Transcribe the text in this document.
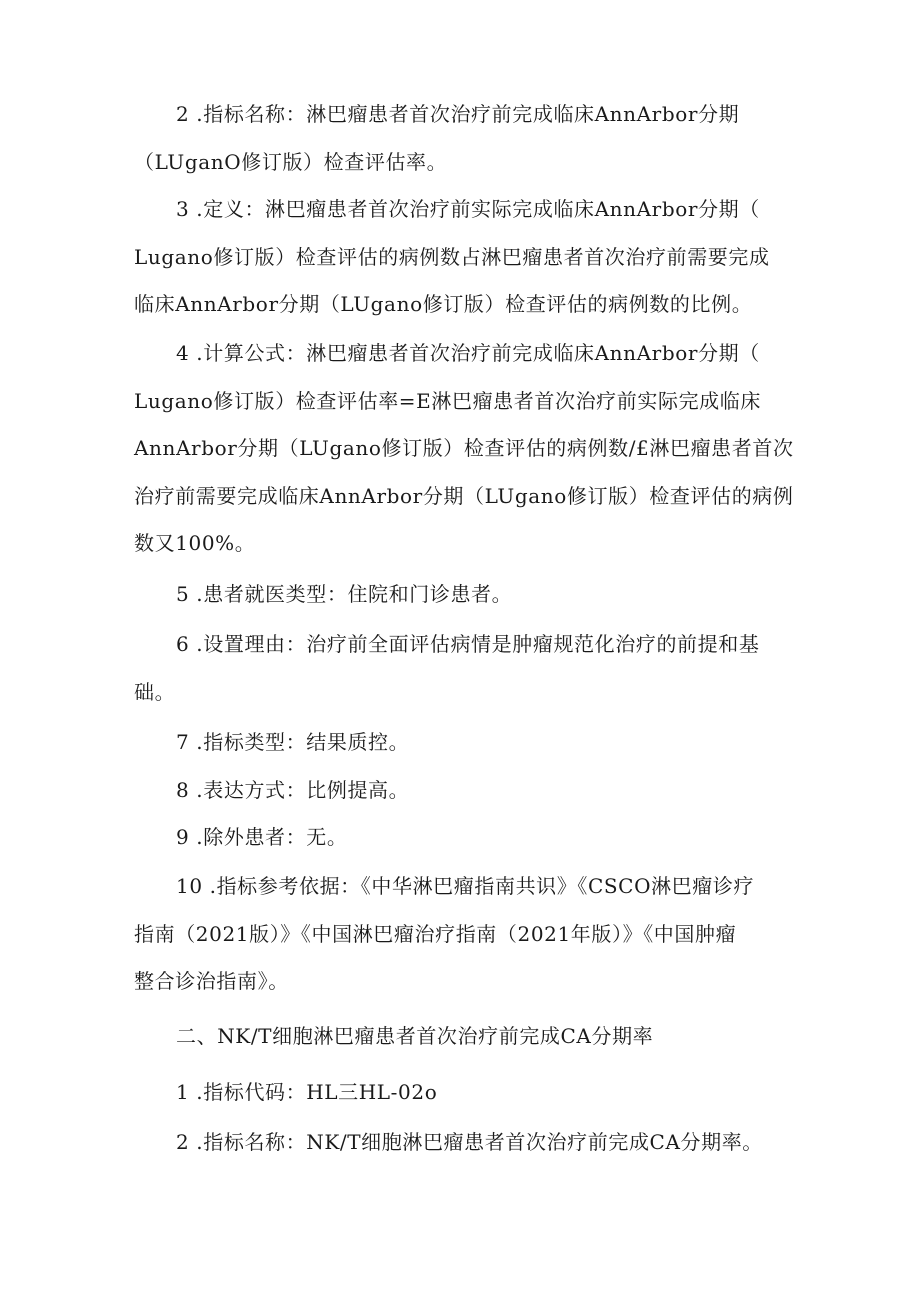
2 .指标名称：淋巴瘤患者首次治疗前完成临床AnnArbor分期
（LUganO修订版）检查评估率。

3 .定义：淋巴瘤患者首次治疗前实际完成临床AnnArbor分期（
Lugano修订版）检查评估的病例数占淋巴瘤患者首次治疗前需要完成
临床AnnArbor分期（LUgano修订版）检查评估的病例数的比例。

4 .计算公式：淋巴瘤患者首次治疗前完成临床AnnArbor分期（
Lugano修订版）检查评估率=E淋巴瘤患者首次治疗前实际完成临床
AnnArbor分期（LUgano修订版）检查评估的病例数/£淋巴瘤患者首次
治疗前需要完成临床AnnArbor分期（LUgano修订版）检查评估的病例
数又100%。

5 .患者就医类型：住院和门诊患者。

6 .设置理由：治疗前全面评估病情是肿瘤规范化治疗的前提和基
础。

7 .指标类型：结果质控。

8 .表达方式：比例提高。

9 .除外患者：无。

10 .指标参考依据：《中华淋巴瘤指南共识》《CSCO淋巴瘤诊疗
指南（2021版）》《中国淋巴瘤治疗指南（2021年版）》《中国肿瘤
整合诊治指南》。

二、NK/T细胞淋巴瘤患者首次治疗前完成CA分期率

1 .指标代码：HL三HL-02o

2 .指标名称：NK/T细胞淋巴瘤患者首次治疗前完成CA分期率。
